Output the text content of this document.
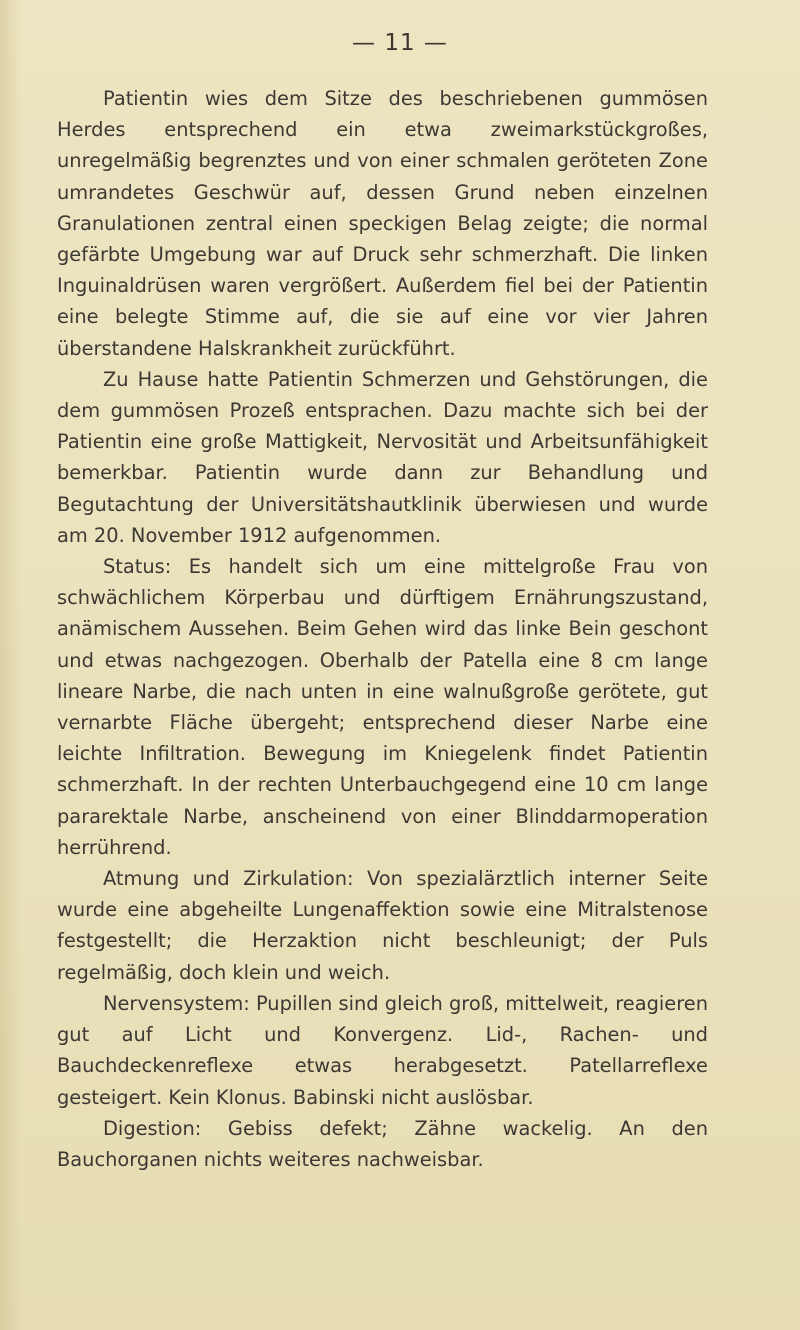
— 11 —

Patientin wies dem Sitze des beschriebenen gummösen Herdes entsprechend ein etwa zweimarkstückgroßes, unregelmäßig begrenztes und von einer schmalen geröteten Zone umrandetes Geschwür auf, dessen Grund neben einzelnen Granulationen zentral einen speckigen Belag zeigte; die normal gefärbte Umgebung war auf Druck sehr schmerzhaft. Die linken Inguinaldrüsen waren vergrößert. Außerdem fiel bei der Patientin eine belegte Stimme auf, die sie auf eine vor vier Jahren überstandene Halskrankheit zurückführt.

Zu Hause hatte Patientin Schmerzen und Gehstörungen, die dem gummösen Prozeß entsprachen. Dazu machte sich bei der Patientin eine große Mattigkeit, Nervosität und Arbeitsunfähigkeit bemerkbar. Patientin wurde dann zur Behandlung und Begutachtung der Universitätshautklinik überwiesen und wurde am 20. November 1912 aufgenommen.

Status: Es handelt sich um eine mittelgroße Frau von schwächlichem Körperbau und dürftigem Ernährungszustand, anämischem Aussehen. Beim Gehen wird das linke Bein geschont und etwas nachgezogen. Oberhalb der Patella eine 8 cm lange lineare Narbe, die nach unten in eine walnußgroße gerötete, gut vernarbte Fläche übergeht; entsprechend dieser Narbe eine leichte Infiltration. Bewegung im Kniegelenk findet Patientin schmerzhaft. In der rechten Unterbauchgegend eine 10 cm lange pararektale Narbe, anscheinend von einer Blinddarmoperation herrührend.

Atmung und Zirkulation: Von spezialärztlich interner Seite wurde eine abgeheilte Lungenaffektion sowie eine Mitralstenose festgestellt; die Herzaktion nicht beschleunigt; der Puls regelmäßig, doch klein und weich.

Nervensystem: Pupillen sind gleich groß, mittelweit, reagieren gut auf Licht und Konvergenz. Lid-, Rachen- und Bauchdeckenreflexe etwas herabgesetzt. Patellarreflexe gesteigert. Kein Klonus. Babinski nicht auslösbar.

Digestion: Gebiss defekt; Zähne wackelig. An den Bauchorganen nichts weiteres nachweisbar.
